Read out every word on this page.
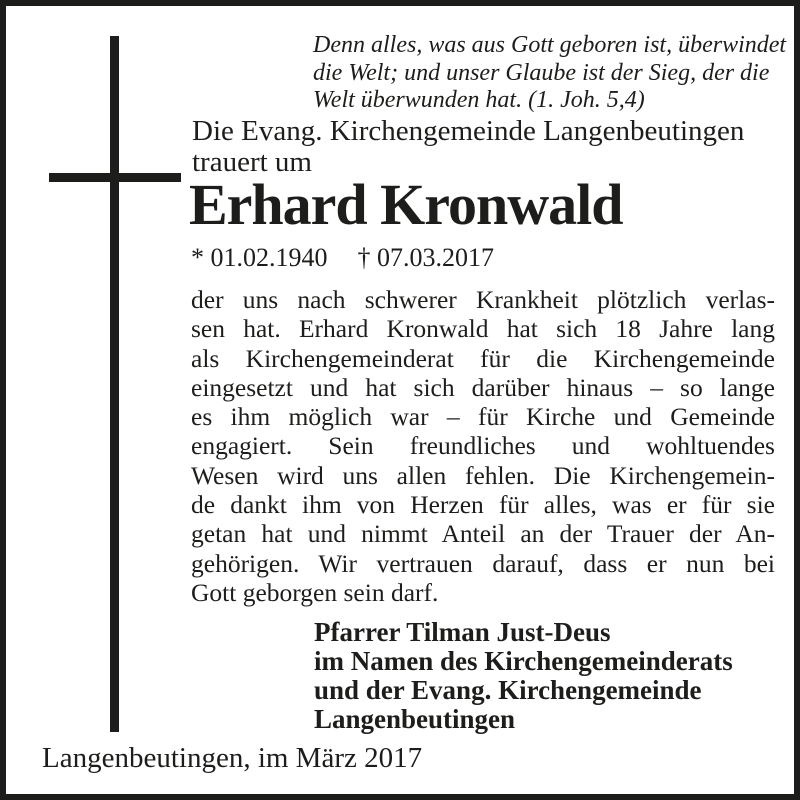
Denn alles, was aus Gott geboren ist, überwindet
die Welt; und unser Glaube ist der Sieg, der die
Welt überwunden hat. (1. Joh. 5,4)
Die Evang. Kirchengemeinde Langenbeutingen
trauert um
Erhard Kronwald
* 01.02.1940 † 07.03.2017
der uns nach schwerer Krankheit plötzlich verlas-
sen hat. Erhard Kronwald hat sich 18 Jahre lang
als Kirchengemeinderat für die Kirchengemeinde
eingesetzt und hat sich darüber hinaus – so lange
es ihm möglich war – für Kirche und Gemeinde
engagiert. Sein freundliches und wohltuendes
Wesen wird uns allen fehlen. Die Kirchengemein-
de dankt ihm von Herzen für alles, was er für sie
getan hat und nimmt Anteil an der Trauer der An-
gehörigen. Wir vertrauen darauf, dass er nun bei
Gott geborgen sein darf.
Pfarrer Tilman Just-Deus
im Namen des Kirchengemeinderats
und der Evang. Kirchengemeinde
Langenbeutingen
Langenbeutingen, im März 2017
